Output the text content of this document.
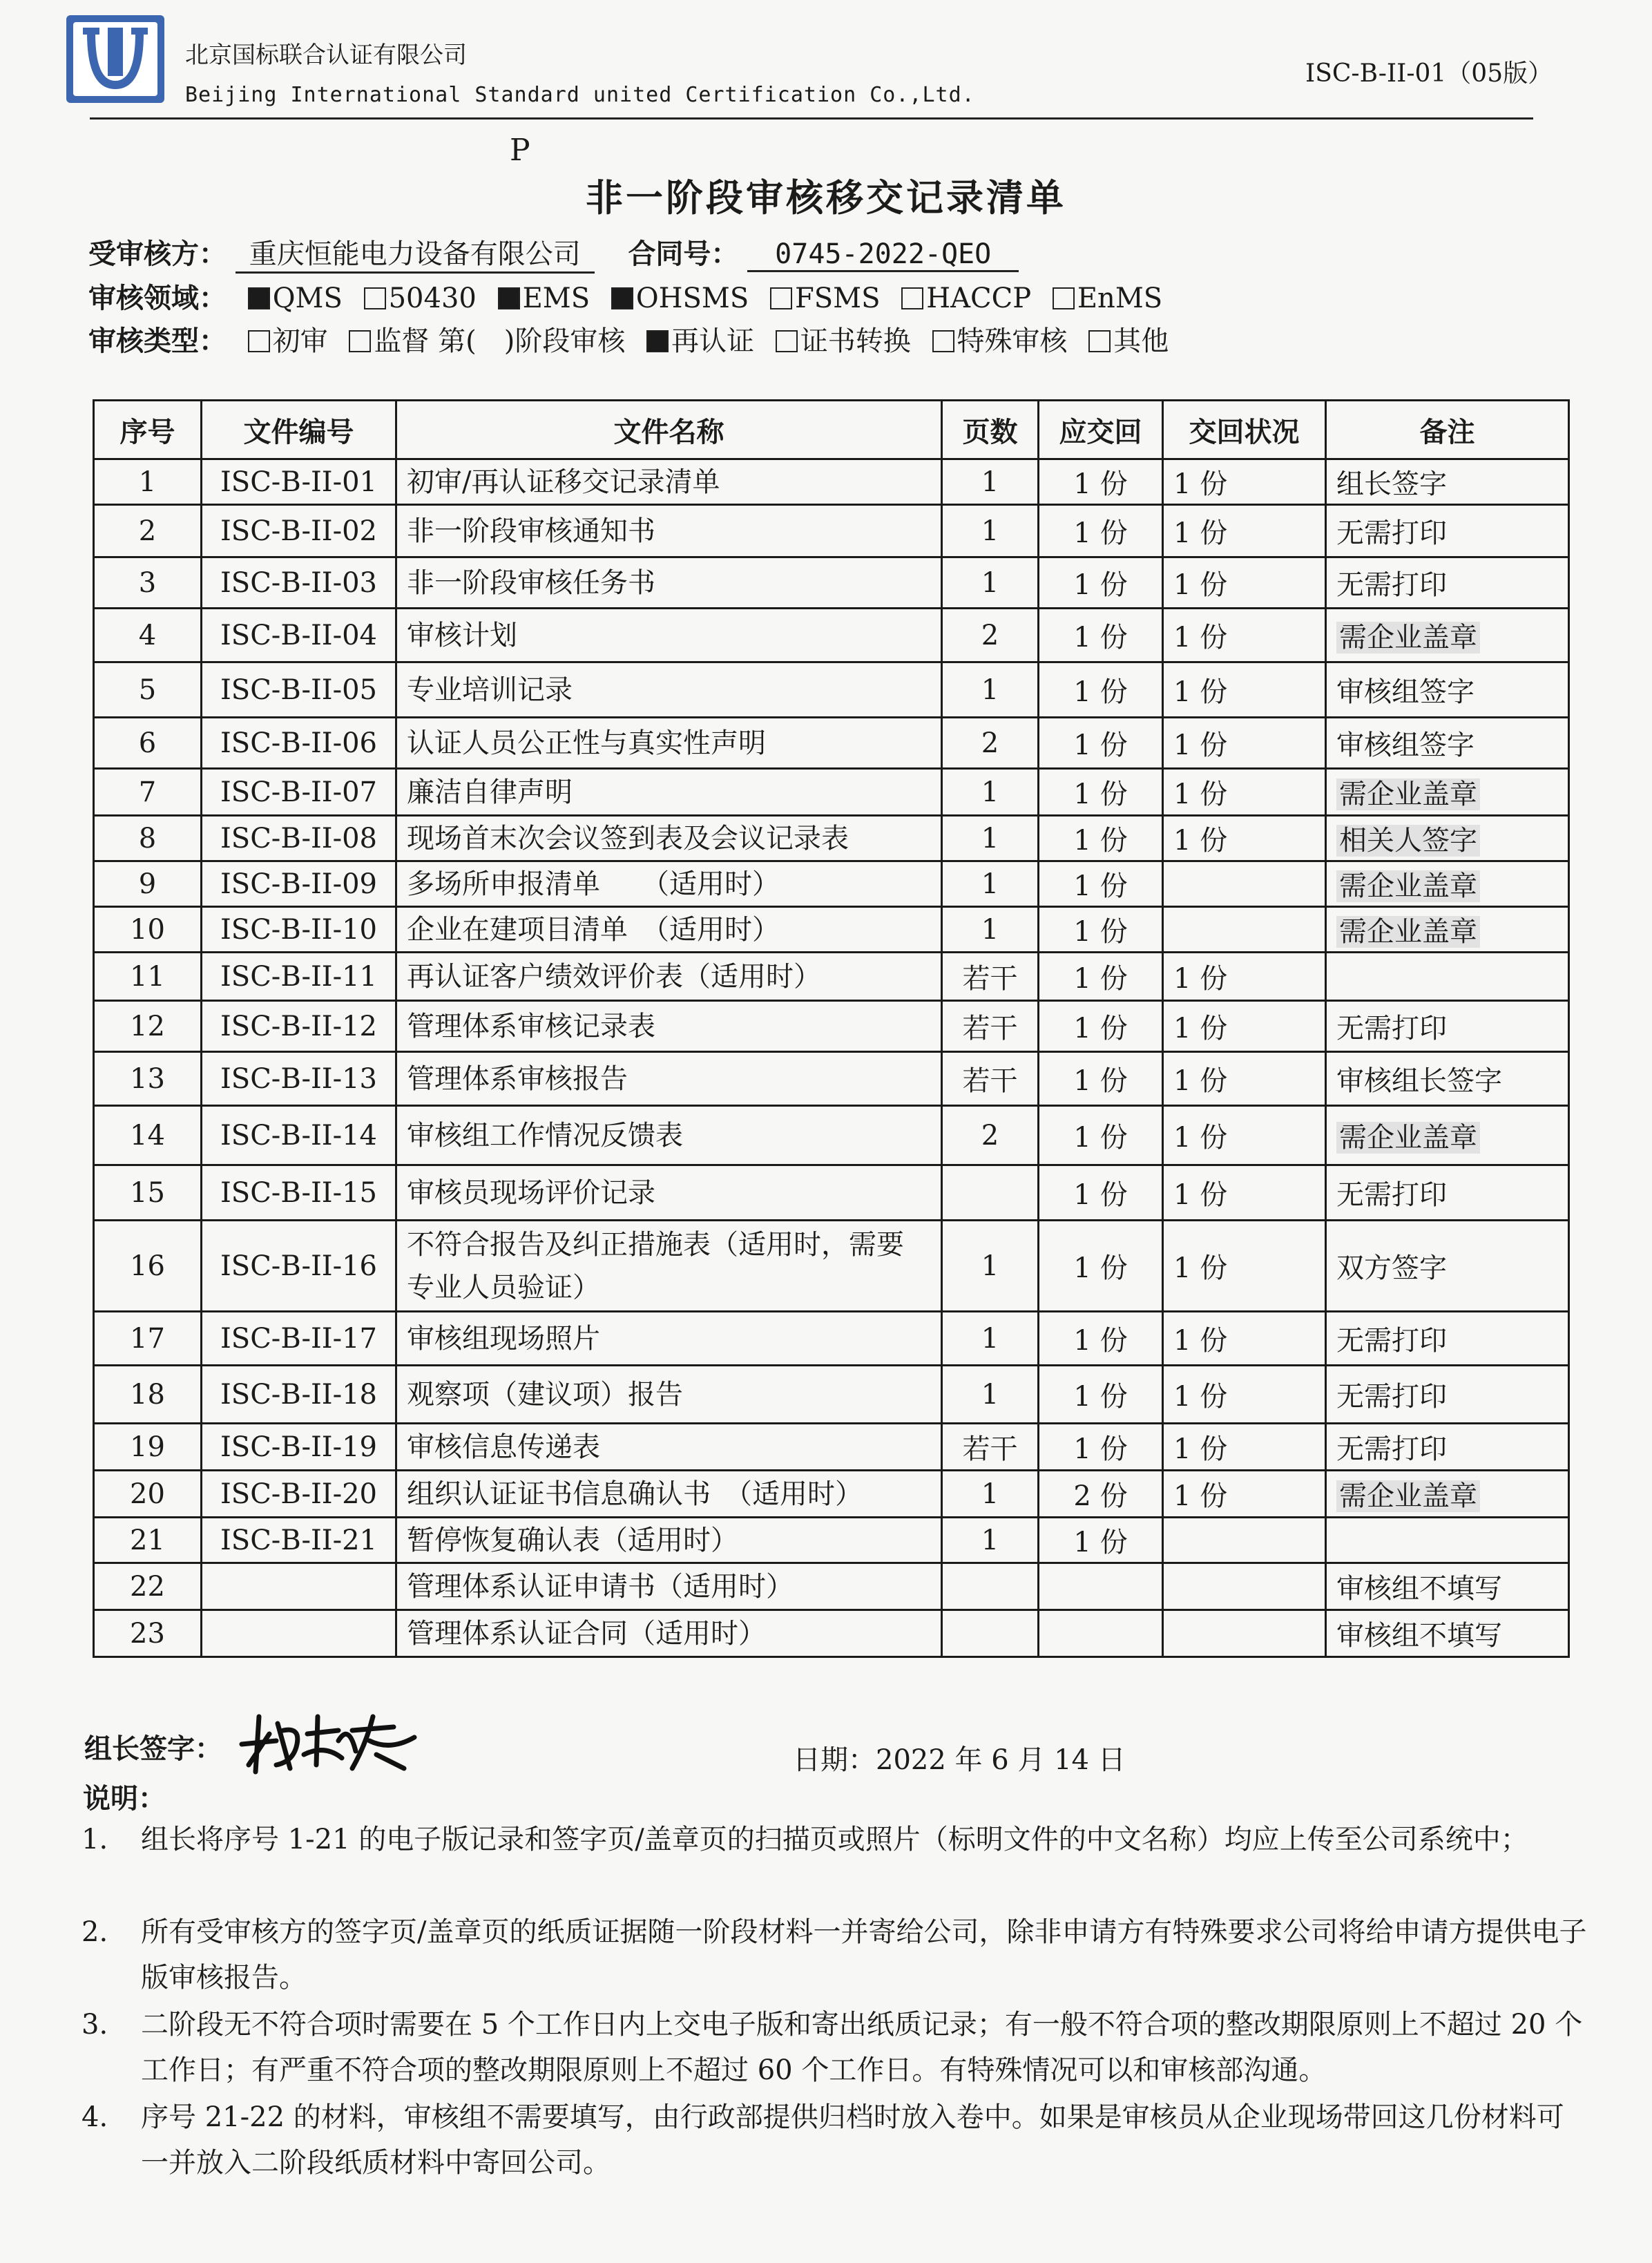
北京国标联合认证有限公司
Beijing International Standard united Certification Co.,Ltd.
ISC-B-II-01（05版）
P
非一阶段审核移交记录清单
受审核方： 重庆恒能电力设备有限公司 合同号： 0745-2022-QEO
审核领域： QMS 50430 EMS OHSMS FSMS HACCP EnMS
审核类型： 初审 监督 第(　)阶段审核 再认证 证书转换 特殊审核 其他
序号	文件编号	文件名称	页数	应交回	交回状况	备注
1	ISC-B-II-01	初审/再认证移交记录清单	1	1 份	1 份	组长签字
2	ISC-B-II-02	非一阶段审核通知书	1	1 份	1 份	无需打印
3	ISC-B-II-03	非一阶段审核任务书	1	1 份	1 份	无需打印
4	ISC-B-II-04	审核计划	2	1 份	1 份	需企业盖章
5	ISC-B-II-05	专业培训记录	1	1 份	1 份	审核组签字
6	ISC-B-II-06	认证人员公正性与真实性声明	2	1 份	1 份	审核组签字
7	ISC-B-II-07	廉洁自律声明	1	1 份	1 份	需企业盖章
8	ISC-B-II-08	现场首末次会议签到表及会议记录表	1	1 份	1 份	相关人签字
9	ISC-B-II-09	多场所申报清单　　（适用时）	1	1 份		需企业盖章
10	ISC-B-II-10	企业在建项目清单　（适用时）	1	1 份		需企业盖章
11	ISC-B-II-11	再认证客户绩效评价表（适用时）	若干	1 份	1 份	
12	ISC-B-II-12	管理体系审核记录表	若干	1 份	1 份	无需打印
13	ISC-B-II-13	管理体系审核报告	若干	1 份	1 份	审核组长签字
14	ISC-B-II-14	审核组工作情况反馈表	2	1 份	1 份	需企业盖章
15	ISC-B-II-15	审核员现场评价记录		1 份	1 份	无需打印
16	ISC-B-II-16	不符合报告及纠正措施表（适用时，需要专业人员验证）	1	1 份	1 份	双方签字
17	ISC-B-II-17	审核组现场照片	1	1 份	1 份	无需打印
18	ISC-B-II-18	观察项（建议项）报告	1	1 份	1 份	无需打印
19	ISC-B-II-19	审核信息传递表	若干	1 份	1 份	无需打印
20	ISC-B-II-20	组织认证证书信息确认书　（适用时）	1	2 份	1 份	需企业盖章
21	ISC-B-II-21	暂停恢复确认表（适用时）	1	1 份		
22		管理体系认证申请书（适用时）				审核组不填写
23		管理体系认证合同（适用时）				审核组不填写
组长签字：	日期：2022 年 6 月 14 日
说明：
1. 组长将序号 1-21 的电子版记录和签字页/盖章页的扫描页或照片（标明文件的中文名称）均应上传至公司系统中；
2. 所有受审核方的签字页/盖章页的纸质证据随一阶段材料一并寄给公司，除非申请方有特殊要求公司将给申请方提供电子版审核报告。
3. 二阶段无不符合项时需要在 5 个工作日内上交电子版和寄出纸质记录；有一般不符合项的整改期限原则上不超过 20 个工作日；有严重不符合项的整改期限原则上不超过 60 个工作日。有特殊情况可以和审核部沟通。
4. 序号 21-22 的材料，审核组不需要填写，由行政部提供归档时放入卷中。如果是审核员从企业现场带回这几份材料可一并放入二阶段纸质材料中寄回公司。
